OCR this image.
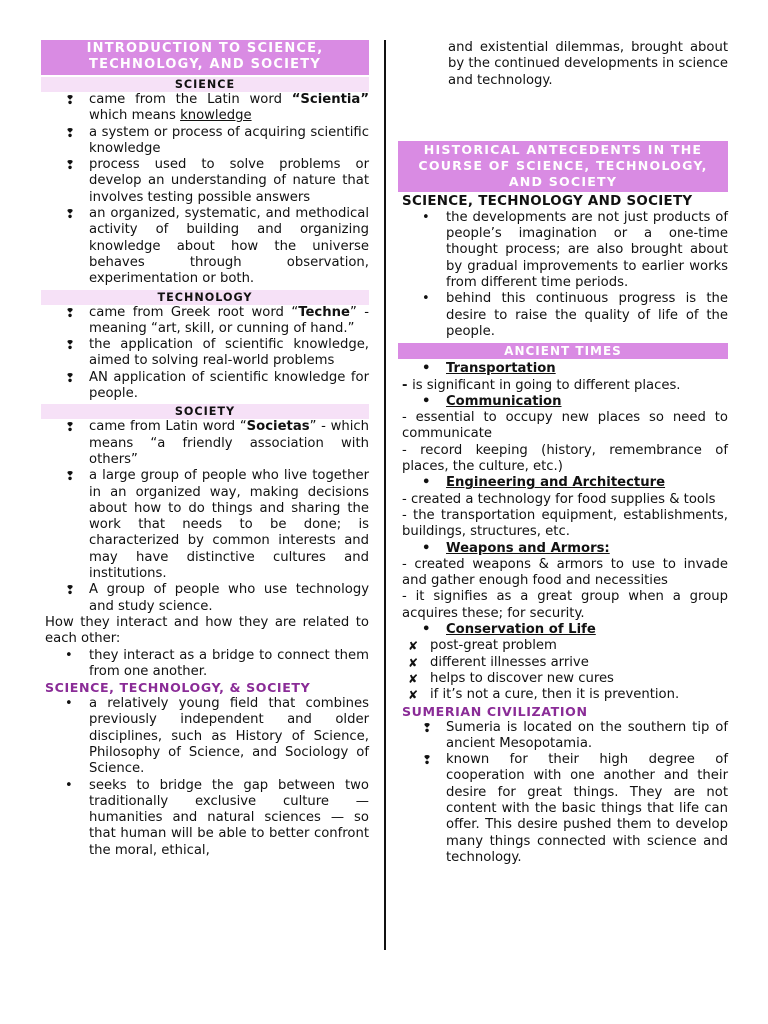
INTRODUCTION TO SCIENCE, TECHNOLOGY, AND SOCIETY
SCIENCE
❢ came from the Latin word “Scientia” which means knowledge
❢ a system or process of acquiring scientific knowledge
❢ process used to solve problems or develop an understanding of nature that involves testing possible answers
❢ an organized, systematic, and methodical activity of building and organizing knowledge about how the universe behaves through observation, experimentation or both.
TECHNOLOGY
❢ came from Greek root word “Techne” - meaning “art, skill, or cunning of hand.”
❢ the application of scientific knowledge, aimed to solving real-world problems
❢ AN application of scientific knowledge for people.
SOCIETY
❢ came from Latin word “Societas” - which means “a friendly association with others”
❢ a large group of people who live together in an organized way, making decisions about how to do things and sharing the work that needs to be done; is characterized by common interests and may have distinctive cultures and institutions.
❢ A group of people who use technology and study science.

How they interact and how they are related to each other:

• they interact as a bridge to connect them from one another.
SCIENCE, TECHNOLOGY, & SOCIETY
• a relatively young field that combines previously independent and older disciplines, such as History of Science, Philosophy of Science, and Sociology of Science.
• seeks to bridge the gap between two traditionally exclusive culture — humanities and natural sciences — so that human will be able to better confront the moral, ethical,

and existential dilemmas, brought about by the continued developments in science and technology.

HISTORICAL ANTECEDENTS IN THE COURSE OF SCIENCE, TECHNOLOGY, AND SOCIETY
SCIENCE, TECHNOLOGY AND SOCIETY
• the developments are not just products of people’s imagination or a one-time thought process; are also brought about by gradual improvements to earlier works from different time periods.
• behind this continuous progress is the desire to raise the quality of life of the people.
ANCIENT TIMES
• Transportation

- is significant in going to different places.

• Communication

- essential to occupy new places so need to communicate

- record keeping (history, remembrance of places, the culture, etc.)

• Engineering and Architecture

- created a technology for food supplies & tools

- the transportation equipment, establishments, buildings, structures, etc.

• Weapons and Armors:

- created weapons & armors to use to invade and gather enough food and necessities

- it signifies as a great group when a group acquires these; for security.

• Conservation of Life
✘ post-great problem
✘ different illnesses arrive
✘ helps to discover new cures
✘ if it’s not a cure, then it is prevention.
SUMERIAN CIVILIZATION
❢ Sumeria is located on the southern tip of ancient Mesopotamia.
❢ known for their high degree of cooperation with one another and their desire for great things. They are not content with the basic things that life can offer. This desire pushed them to develop many things connected with science and technology.
